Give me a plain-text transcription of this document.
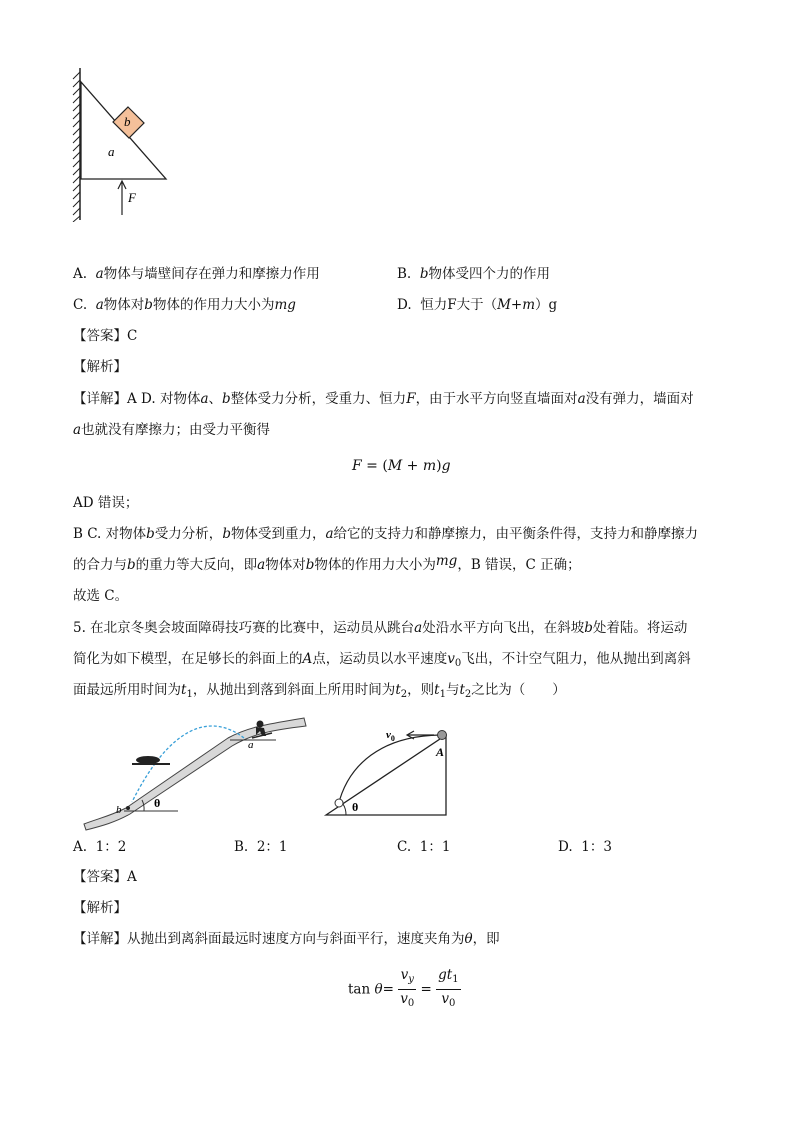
b
a
F
A. a物体与墙壁间存在弹力和摩擦力作用	B. b物体受四个力的作用
C. a物体对b物体的作用力大小为mg	D. 恒力F大于（M+m）g
【答案】C
【解析】
【详解】A D. 对物体a、b整体受力分析，受重力、恒力F，由于水平方向竖直墙面对a没有弹力，墙面对
a也就没有摩擦力；由受力平衡得
F = (M + m)g
AD 错误；
B C. 对物体b受力分析，b物体受到重力，a给它的支持力和静摩擦力，由平衡条件得，支持力和静摩擦力
的合力与b的重力等大反向，即a物体对b物体的作用力大小为mg，B 错误，C 正确；
故选 C。
5. 在北京冬奥会坡面障碍技巧赛的比赛中，运动员从跳台a处沿水平方向飞出，在斜坡b处着陆。将运动
简化为如下模型，在足够长的斜面上的A点，运动员以水平速度$v_0$飞出，不计空气阻力，他从抛出到离斜
面最远所用时间为$t_1$，从抛出到落到斜面上所用时间为$t_2$，则$t_1$与$t_2$之比为（　　）
a
b	θ
$v_0$
A
θ
A. 1：2	B. 2：1	C. 1：1	D. 1：3
【答案】A
【解析】
【详解】从抛出到离斜面最远时速度方向与斜面平行，速度夹角为θ，即
$\tan \theta= \frac{v_y}{v_0} = \frac{gt_1}{v_0}$
